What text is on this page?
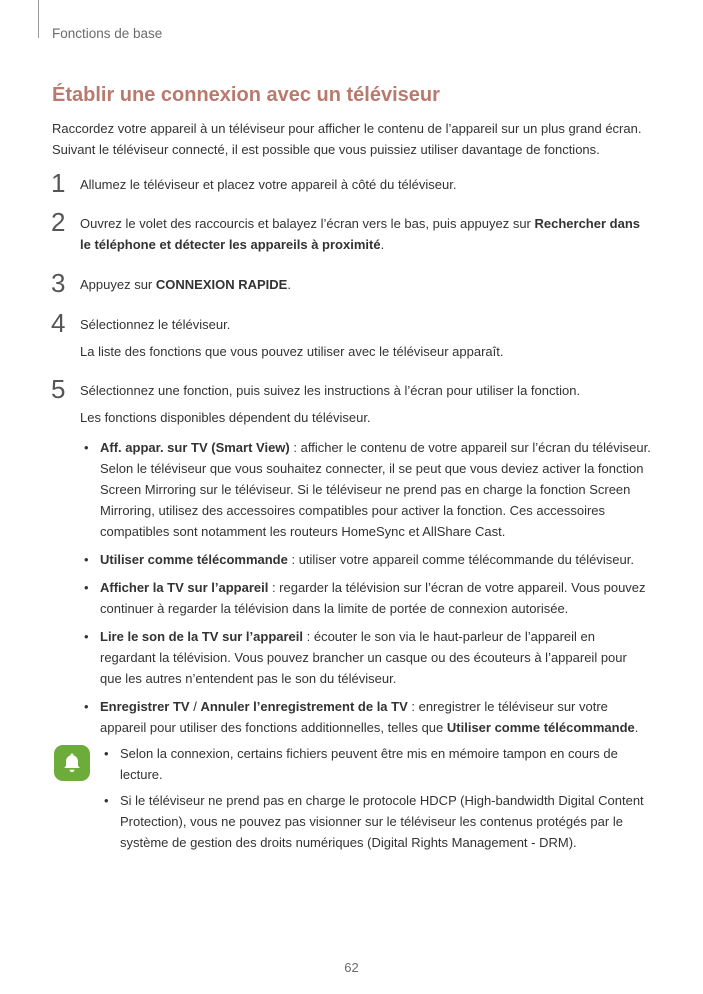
Fonctions de base
Établir une connexion avec un téléviseur
Raccordez votre appareil à un téléviseur pour afficher le contenu de l’appareil sur un plus grand écran. Suivant le téléviseur connecté, il est possible que vous puissiez utiliser davantage de fonctions.
1 Allumez le téléviseur et placez votre appareil à côté du téléviseur.
2 Ouvrez le volet des raccourcis et balayez l’écran vers le bas, puis appuyez sur Rechercher dans le téléphone et détecter les appareils à proximité.
3 Appuyez sur CONNEXION RAPIDE.
4 Sélectionnez le téléviseur.
La liste des fonctions que vous pouvez utiliser avec le téléviseur apparaît.
5 Sélectionnez une fonction, puis suivez les instructions à l’écran pour utiliser la fonction.
Les fonctions disponibles dépendent du téléviseur.
• Aff. appar. sur TV (Smart View) : afficher le contenu de votre appareil sur l’écran du téléviseur. Selon le téléviseur que vous souhaitez connecter, il se peut que vous deviez activer la fonction Screen Mirroring sur le téléviseur. Si le téléviseur ne prend pas en charge la fonction Screen Mirroring, utilisez des accessoires compatibles pour activer la fonction. Ces accessoires compatibles sont notamment les routeurs HomeSync et AllShare Cast.
• Utiliser comme télécommande : utiliser votre appareil comme télécommande du téléviseur.
• Afficher la TV sur l’appareil : regarder la télévision sur l’écran de votre appareil. Vous pouvez continuer à regarder la télévision dans la limite de portée de connexion autorisée.
• Lire le son de la TV sur l’appareil : écouter le son via le haut-parleur de l’appareil en regardant la télévision. Vous pouvez brancher un casque ou des écouteurs à l’appareil pour que les autres n’entendent pas le son du téléviseur.
• Enregistrer TV / Annuler l’enregistrement de la TV : enregistrer le téléviseur sur votre appareil pour utiliser des fonctions additionnelles, telles que Utiliser comme télécommande.
• Selon la connexion, certains fichiers peuvent être mis en mémoire tampon en cours de lecture.
• Si le téléviseur ne prend pas en charge le protocole HDCP (High-bandwidth Digital Content Protection), vous ne pouvez pas visionner sur le téléviseur les contenus protégés par le système de gestion des droits numériques (Digital Rights Management - DRM).
62
